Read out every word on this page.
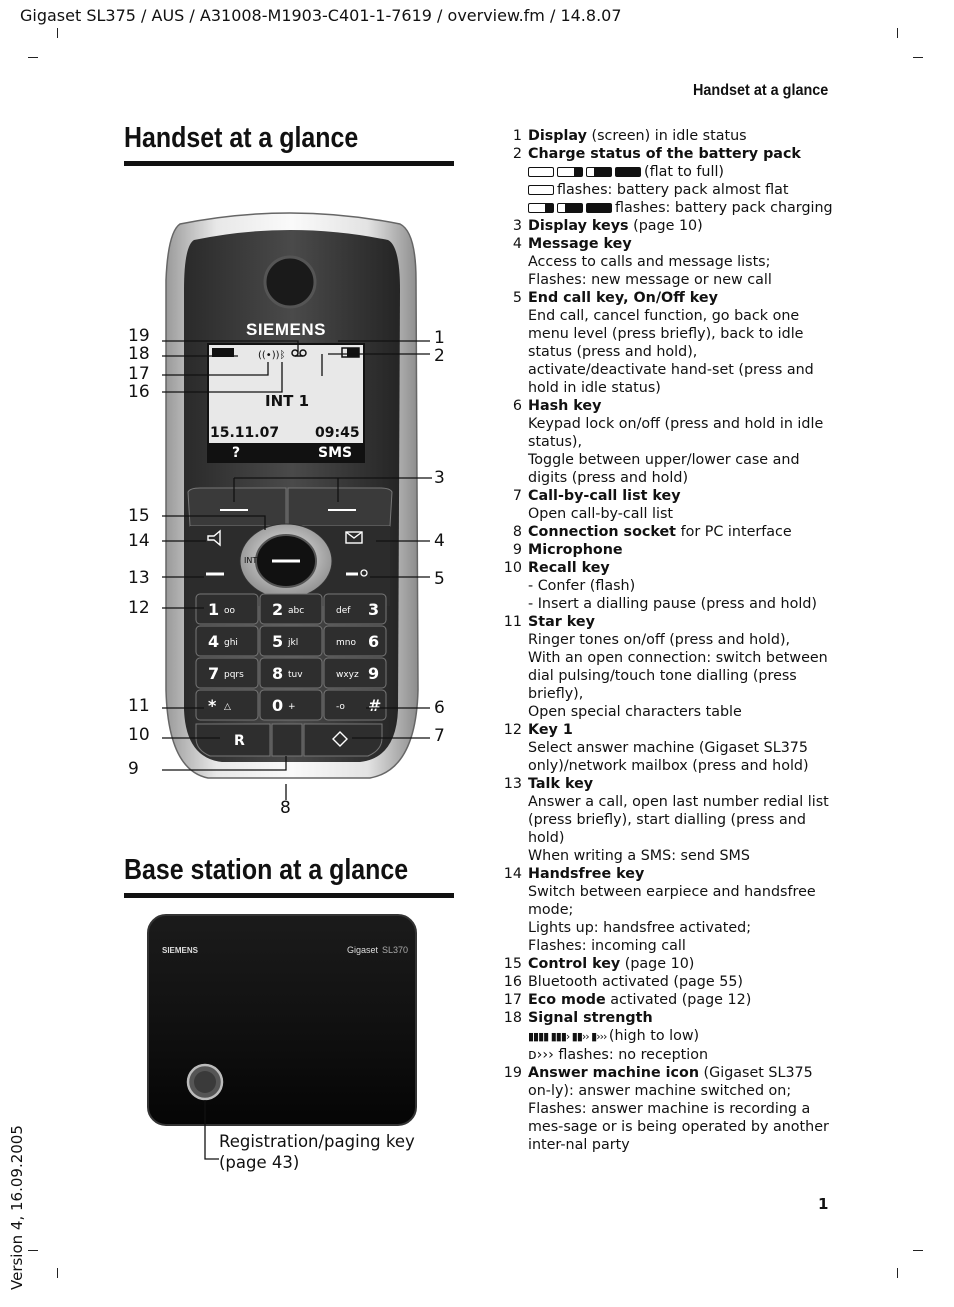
Gigaset SL375 / AUS / A31008-M1903-C401-1-7619 / overview.fm / 14.8.07
Version 4, 16.09.2005
Handset at a glance
Handset at a glance
Base station at a glance
SIEMENS
((•))ᛒ
INT 1
15.11.07	09:45
?	SMS
INT
1 oo 2 abc	3
def
4 ghi 5 jkl	6
mno
7 pqrs 8 tuv	9
wxyz
* △	0 +	#
-o
R
19
18
17
16
15
14
13
12
11
10
9
1
2
3
4
5
6
7
8
SIEMENS	Gigaset SL370
Registration/paging key
(page 43)
1 Display (screen) in idle status
2 Charge status of the battery pack
(flat to full)
flashes: battery pack almost flat
flashes: battery pack charging
3 Display keys (page 10)
4 Message key
Access to calls and message lists;
Flashes: new message or new call
5 End call key, On/Off key
End call, cancel function, go back one menu level (press briefly), back to idle status (press and hold), activate/deactivate hand-set (press and hold in idle status)
6 Hash key
Keypad lock on/off (press and hold in idle status),
Toggle between upper/lower case and digits (press and hold)
7 Call-by-call list key
Open call-by-call list
8 Connection socket for PC interface
9 Microphone
10 Recall key
- Confer (flash)
- Insert a dialling pause (press and hold)
11 Star key
Ringer tones on/off (press and hold),
With an open connection: switch between dial pulsing/touch tone dialling (press briefly),
Open special characters table
12 Key 1
Select answer machine (Gigaset SL375 only)/network mailbox (press and hold)
13 Talk key
Answer a call, open last number redial list (press briefly), start dialling (press and hold)
When writing a SMS: send SMS
14 Handsfree key
Switch between earpiece and handsfree mode;
Lights up: handsfree activated;
Flashes: incoming call
15 Control key (page 10)
16 Bluetooth activated (page 55)
17 Eco mode activated (page 12)
18 Signal strength
▮▮▮▮ ▮▮▮› ▮▮›› ▮››› (high to low)
ᴅ››› flashes: no reception
19 Answer machine icon (Gigaset SL375 on-ly): answer machine switched on;
Flashes: answer machine is recording a mes-sage or is being operated by another inter-nal party
1
